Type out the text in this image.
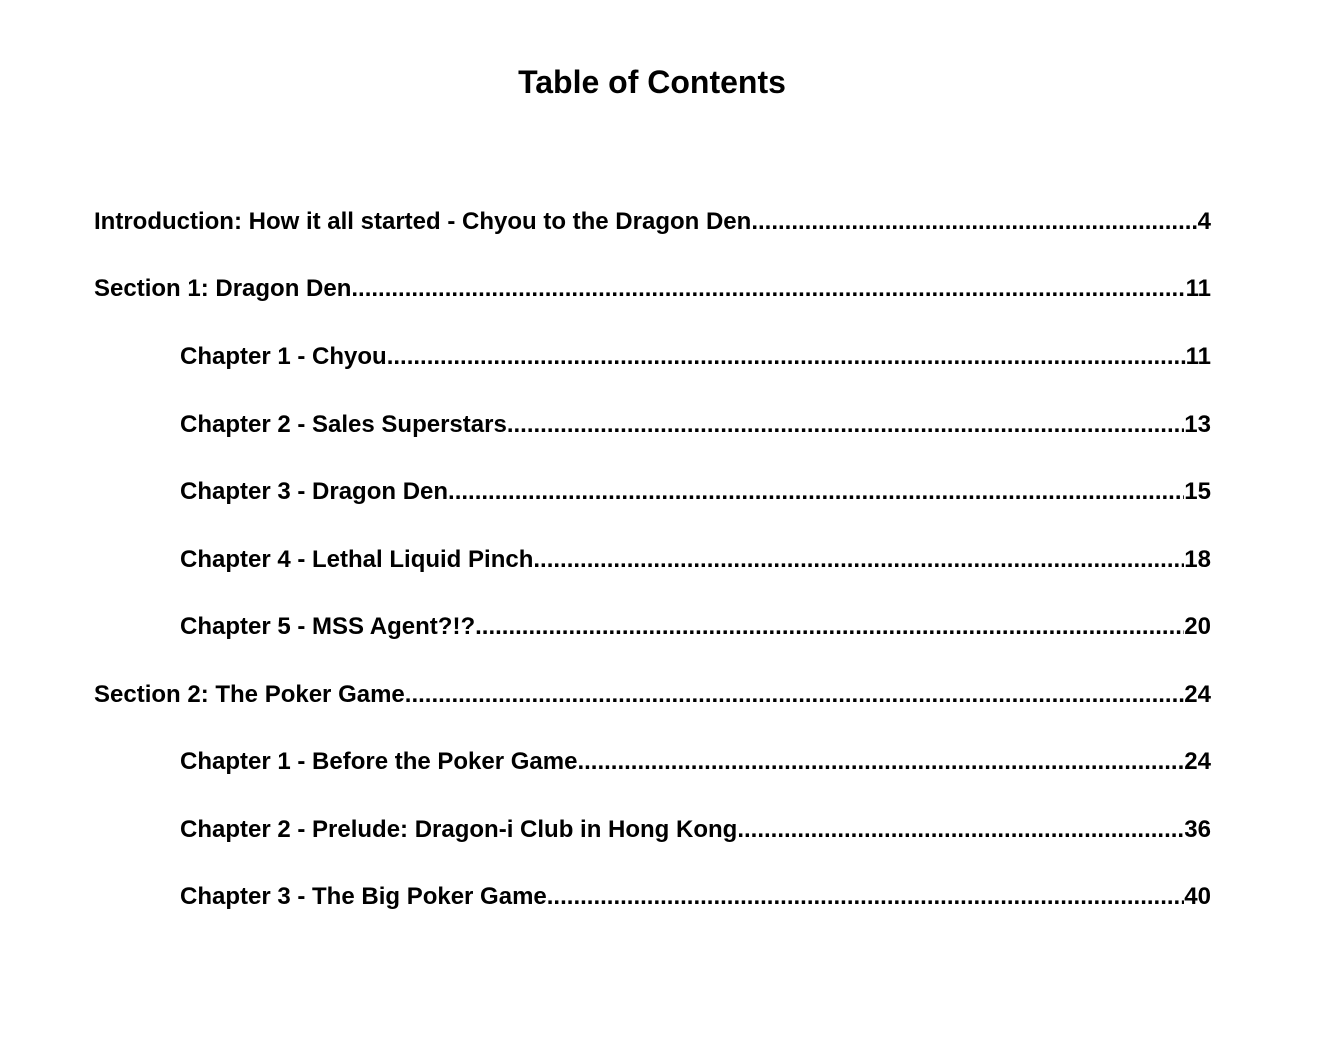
Table of Contents
Introduction: How it all started - Chyou to the Dragon Den .....	4
Section 1: Dragon Den .....	11
Chapter 1 - Chyou .....	11
Chapter 2 - Sales Superstars .....	13
Chapter 3 - Dragon Den .....	15
Chapter 4 - Lethal Liquid Pinch .....	18
Chapter 5 - MSS Agent?!? .....	20
Section 2: The Poker Game .....	24
Chapter 1 - Before the Poker Game .....	24
Chapter 2 - Prelude: Dragon-i Club in Hong Kong .....	36
Chapter 3 - The Big Poker Game .....	40
